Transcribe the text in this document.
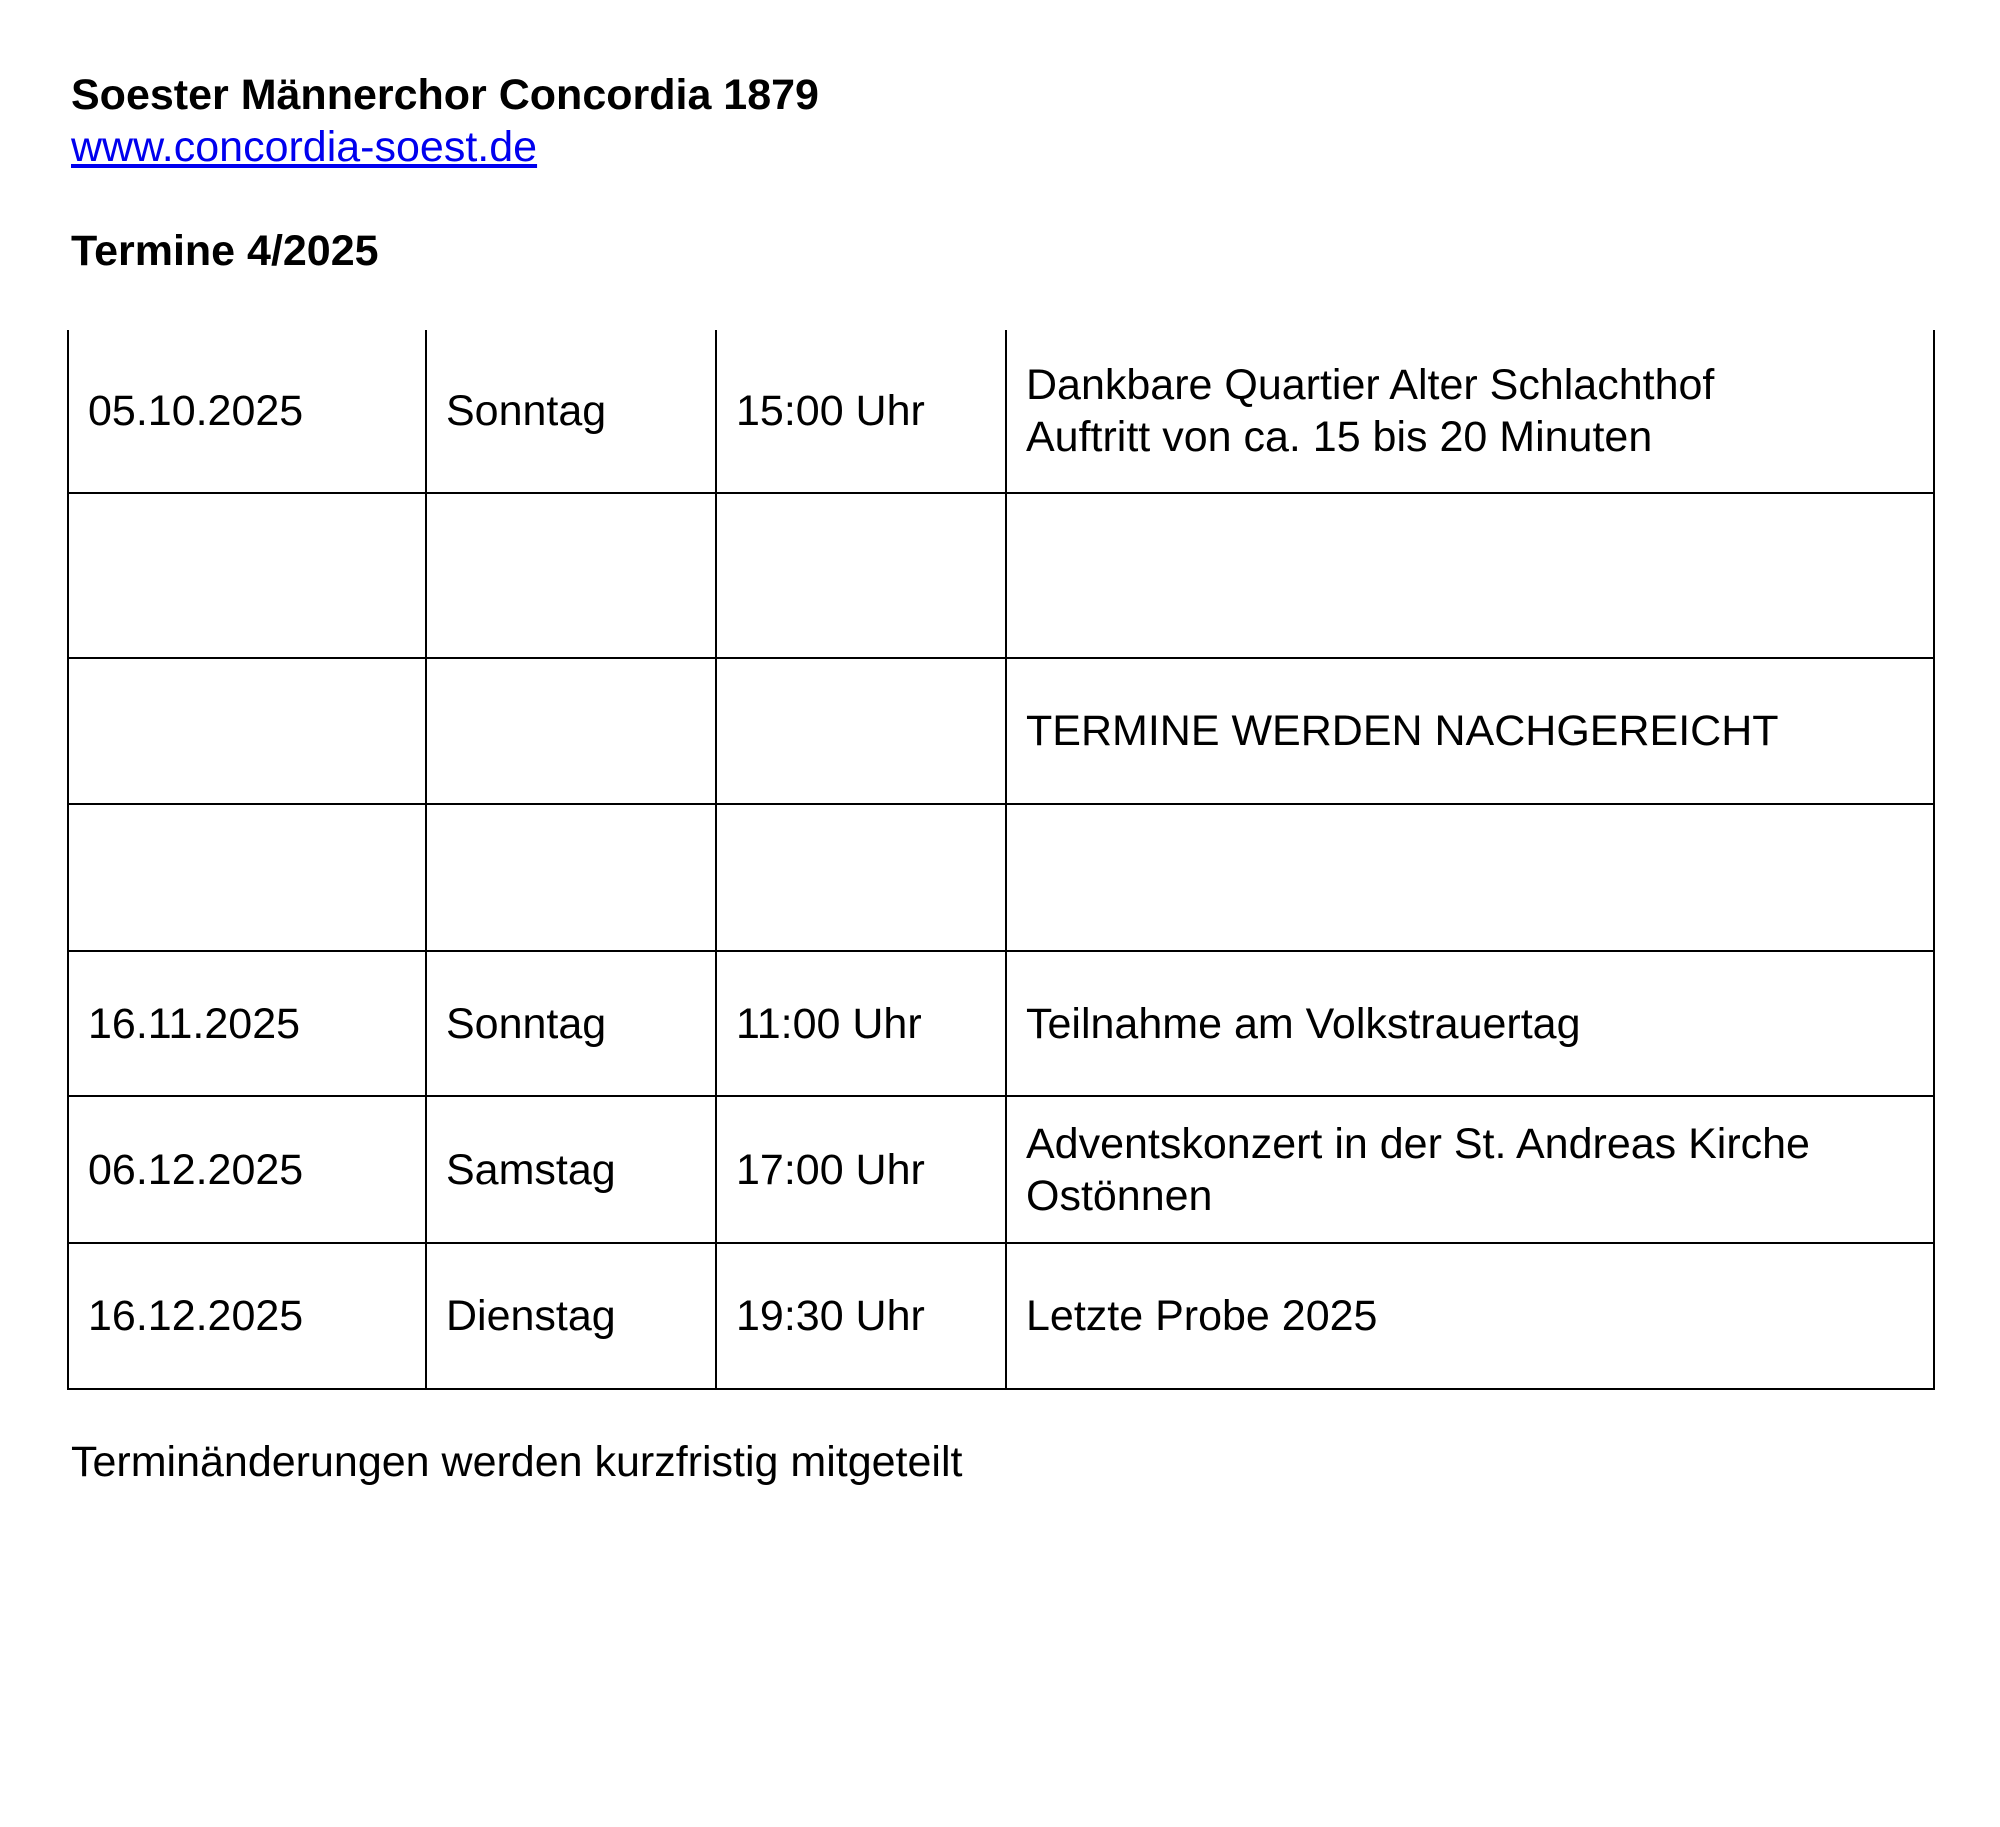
Soester Männerchor Concordia 1879
www.concordia-soest.de
Termine 4/2025
05.10.2025	Sonntag	15:00 Uhr	Dankbare Quartier Alter Schlachthof
Auftritt von ca. 15 bis 20 Minuten

			TERMINE WERDEN NACHGEREICHT

16.11.2025	Sonntag	11:00 Uhr	Teilnahme am Volkstrauertag

06.12.2025	Samstag	17:00 Uhr	Adventskonzert in der St. Andreas Kirche
Ostönnen

16.12.2025	Dienstag	19:30 Uhr	Letzte Probe 2025
Terminänderungen werden kurzfristig mitgeteilt
